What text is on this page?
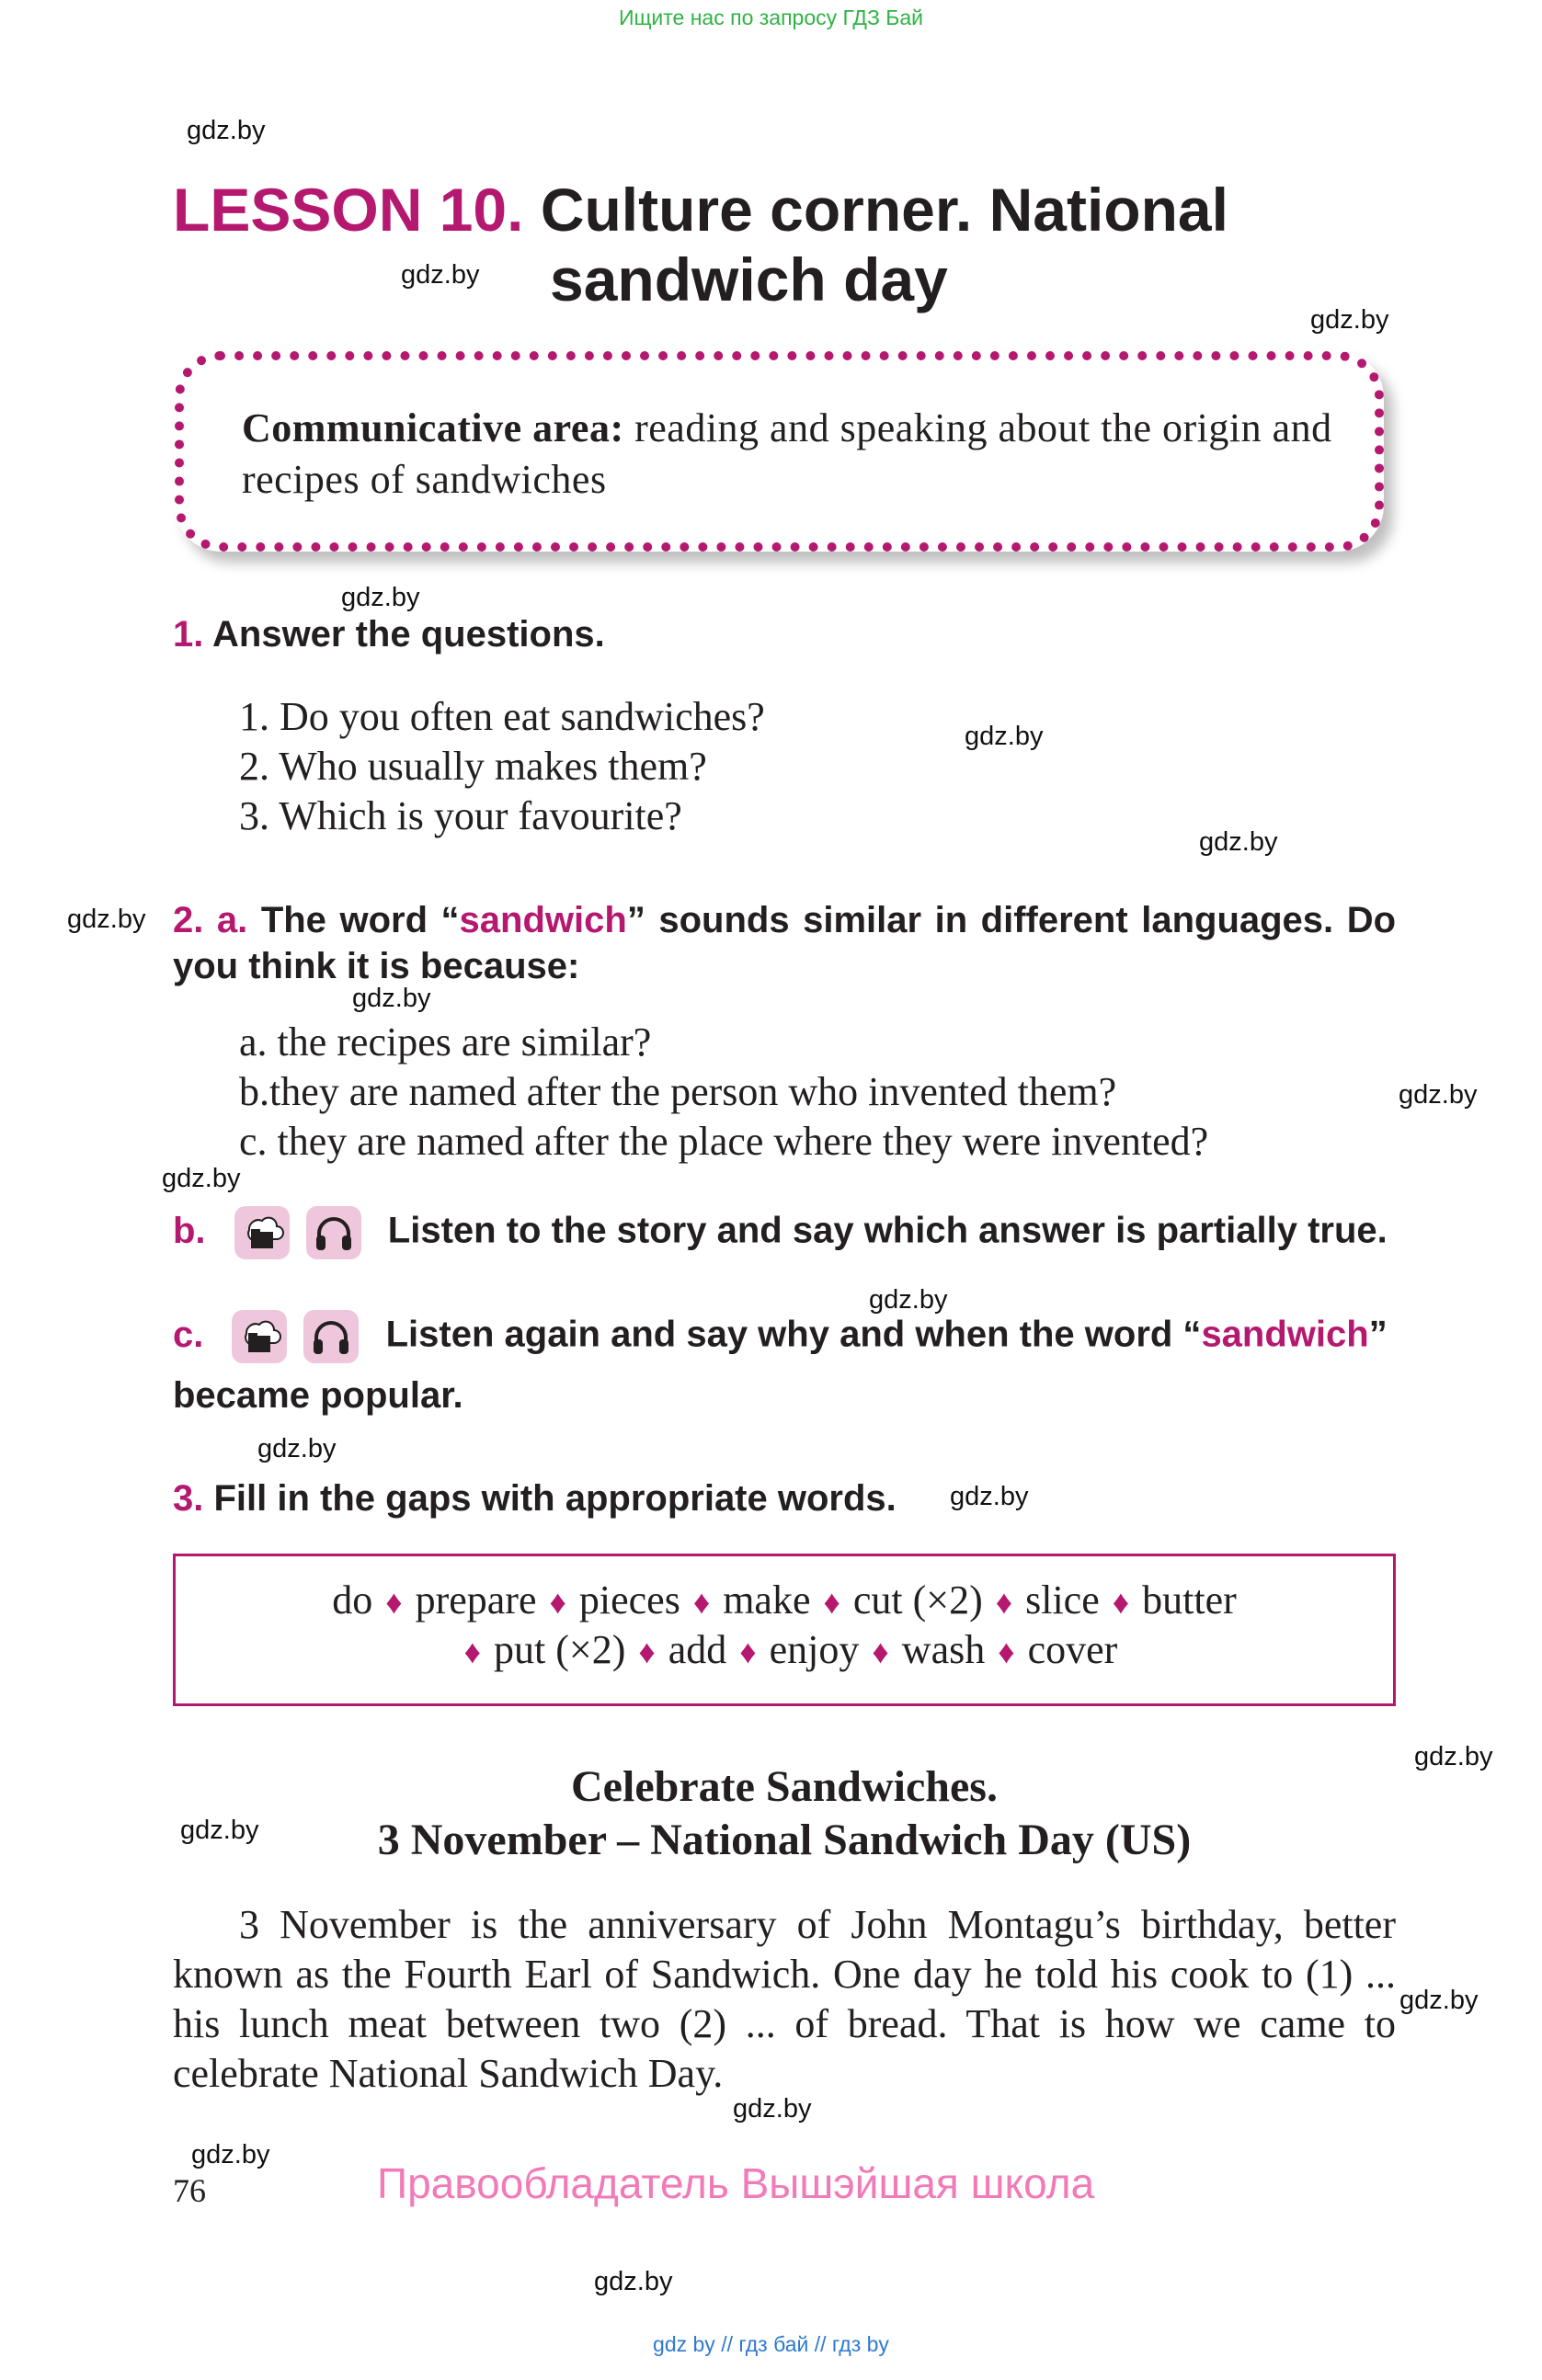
Ищите нас по запросу ГДЗ Бай
gdz.by
gdz.by
gdz.by
gdz.by
gdz.by
gdz.by
gdz.by
gdz.by
gdz.by
gdz.by
gdz.by
gdz.by
gdz.by
gdz.by
gdz.by
gdz.by
gdz.by
gdz.by
gdz.by
LESSON 10. Culture corner. National
sandwich day
Communicative area: reading and speaking about the origin and recipes of sandwiches
1. Answer the questions.
1. Do you often eat sandwiches?
2. Who usually makes them?
3. Which is your favourite?
2. a. The word “sandwich” sounds similar in different languages. Do you think it is because:
a. the recipes are similar?
b.they are named after the person who invented them?
c. they are named after the place where they were invented?
b.	Listen to the story and say which answer is partially true.
c.	Listen again and say why and when the word “sandwich”
became popular.
3. Fill in the gaps with appropriate words.
do ♦ prepare ♦ pieces ♦ make ♦ cut (×2) ♦ slice ♦ butter
♦ put (×2) ♦ add ♦ enjoy ♦ wash ♦ cover
Celebrate Sandwiches.
3 November – National Sandwich Day (US)
3 November is the anniversary of John Montagu’s birthday, better known as the Fourth Earl of Sandwich. One day he told his cook to (1) ... his lunch meat between two (2) ... of bread. That is how we came to celebrate National Sandwich Day.
76	Правообладатель Вышэйшая школа
gdz by // гдз бай // гдз by
